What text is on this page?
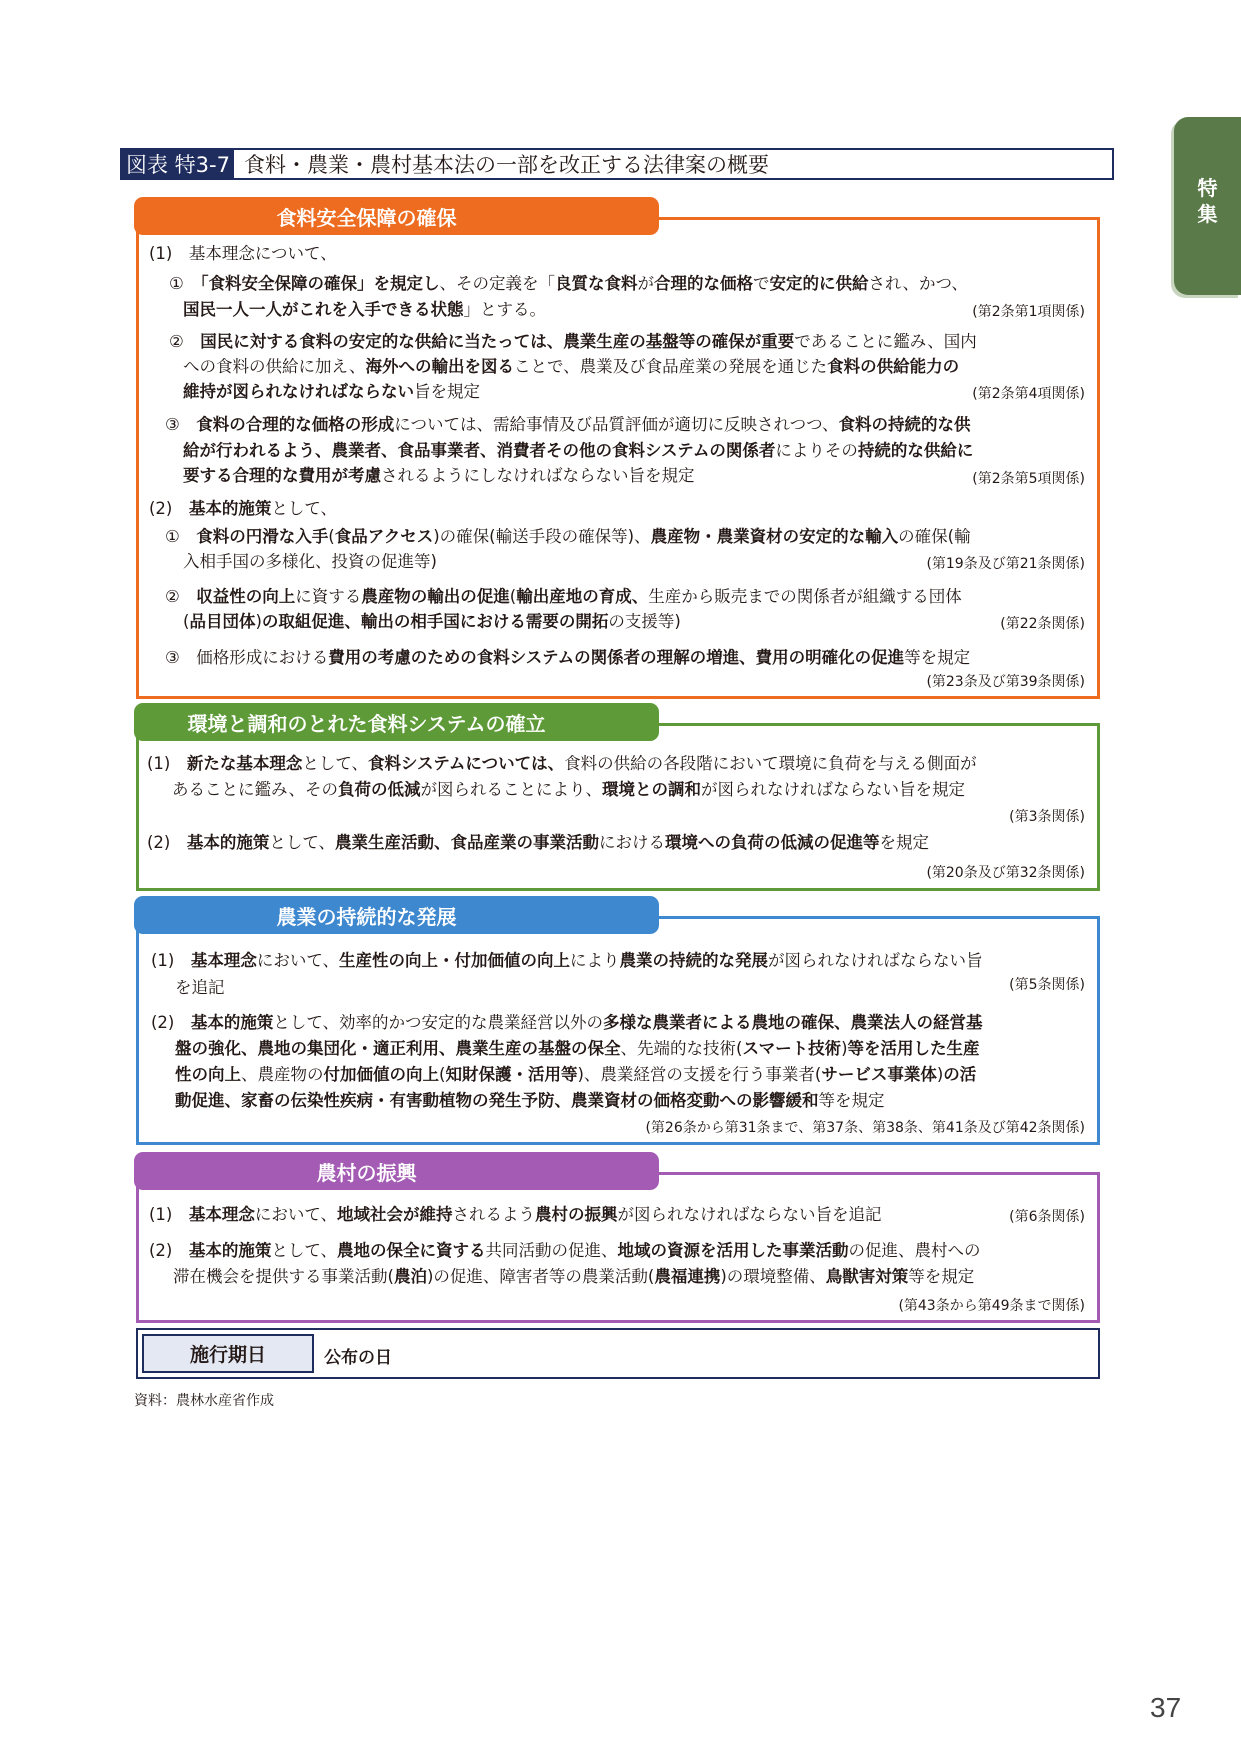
特
集
図表 特3-7 食料・農業・農村基本法の一部を改正する法律案の概要
食料安全保障の確保
(1)　基本理念について、
①　「食料安全保障の確保」を規定し、その定義を「良質な食料が合理的な価格で安定的に供給され、かつ、
国民一人一人がこれを入手できる状態」とする。	(第2条第1項関係)
②　国民に対する食料の安定的な供給に当たっては、農業生産の基盤等の確保が重要であることに鑑み、国内
への食料の供給に加え、海外への輸出を図ることで、農業及び食品産業の発展を通じた食料の供給能力の
維持が図られなければならない旨を規定	(第2条第4項関係)
③　食料の合理的な価格の形成については、需給事情及び品質評価が適切に反映されつつ、食料の持続的な供
給が行われるよう、農業者、食品事業者、消費者その他の食料システムの関係者によりその持続的な供給に
要する合理的な費用が考慮されるようにしなければならない旨を規定	(第2条第5項関係)
(2)　基本的施策として、
①　食料の円滑な入手(食品アクセス)の確保(輸送手段の確保等)、農産物・農業資材の安定的な輸入の確保(輸
入相手国の多様化、投資の促進等)	(第19条及び第21条関係)
②　収益性の向上に資する農産物の輸出の促進(輸出産地の育成、生産から販売までの関係者が組織する団体
(品目団体)の取組促進、輸出の相手国における需要の開拓の支援等)	(第22条関係)
③　価格形成における費用の考慮のための食料システムの関係者の理解の増進、費用の明確化の促進等を規定
(第23条及び第39条関係)
環境と調和のとれた食料システムの確立
(1)　新たな基本理念として、食料システムについては、食料の供給の各段階において環境に負荷を与える側面が
あることに鑑み、その負荷の低減が図られることにより、環境との調和が図られなければならない旨を規定
(第3条関係)
(2)　基本的施策として、農業生産活動、食品産業の事業活動における環境への負荷の低減の促進等を規定
(第20条及び第32条関係)
農業の持続的な発展
(1)　基本理念において、生産性の向上・付加価値の向上により農業の持続的な発展が図られなければならない旨
を追記	(第5条関係)
(2)　基本的施策として、効率的かつ安定的な農業経営以外の多様な農業者による農地の確保、農業法人の経営基
盤の強化、農地の集団化・適正利用、農業生産の基盤の保全、先端的な技術(スマート技術)等を活用した生産
性の向上、農産物の付加価値の向上(知財保護・活用等)、農業経営の支援を行う事業者(サービス事業体)の活
動促進、家畜の伝染性疾病・有害動植物の発生予防、農業資材の価格変動への影響緩和等を規定
(第26条から第31条まで、第37条、第38条、第41条及び第42条関係)
農村の振興
(1)　基本理念において、地域社会が維持されるよう農村の振興が図られなければならない旨を追記	(第6条関係)
(2)　基本的施策として、農地の保全に資する共同活動の促進、地域の資源を活用した事業活動の促進、農村への
滞在機会を提供する事業活動(農泊)の促進、障害者等の農業活動(農福連携)の環境整備、鳥獣害対策等を規定
(第43条から第49条まで関係)
施行期日	公布の日
資料：農林水産省作成
37
